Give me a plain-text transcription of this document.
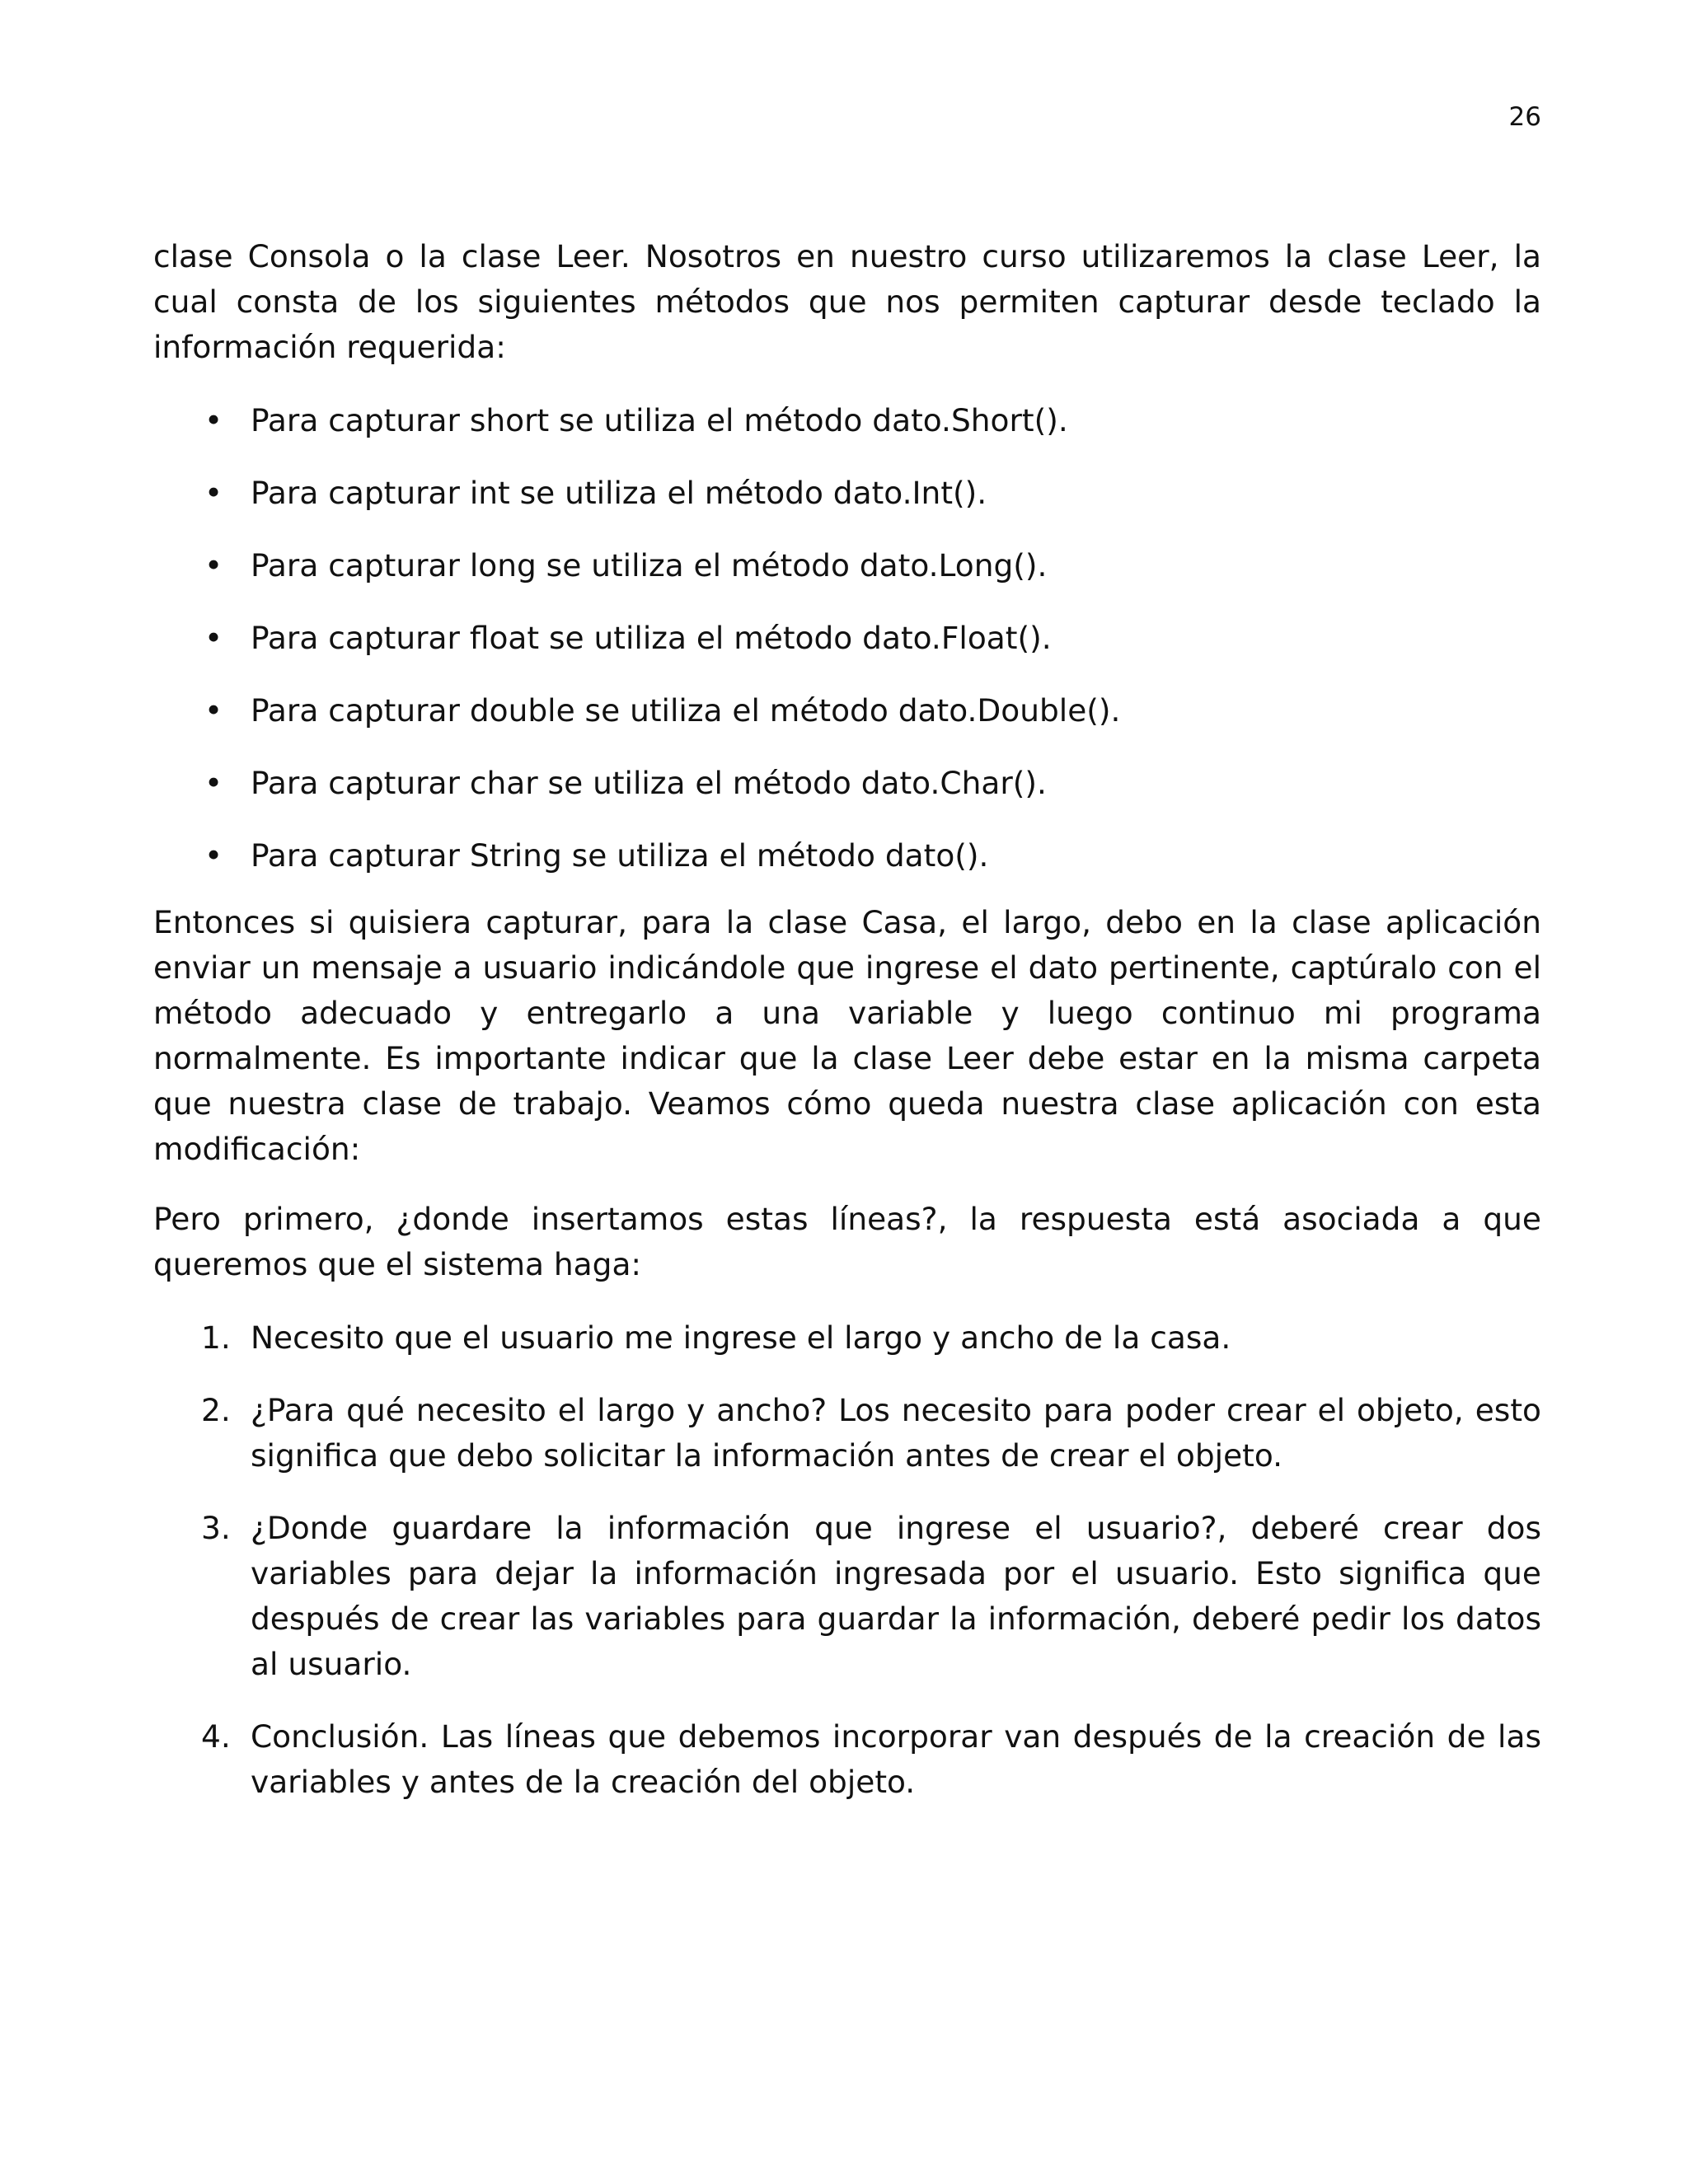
26

clase Consola o la clase Leer. Nosotros en nuestro curso utilizaremos la clase Leer, la cual consta de los siguientes métodos que nos permiten capturar desde teclado la información requerida:

• Para capturar short se utiliza el método dato.Short().
• Para capturar int se utiliza el método dato.Int().
• Para capturar long se utiliza el método dato.Long().
• Para capturar float se utiliza el método dato.Float().
• Para capturar double se utiliza el método dato.Double().
• Para capturar char se utiliza el método dato.Char().
• Para capturar String se utiliza el método dato().

Entonces si quisiera capturar, para la clase Casa, el largo, debo en la clase aplicación enviar un mensaje a usuario indicándole que ingrese el dato pertinente, captúralo con el método adecuado y entregarlo a una variable y luego continuo mi programa normalmente. Es importante indicar que la clase Leer debe estar en la misma carpeta que nuestra clase de trabajo. Veamos cómo queda nuestra clase aplicación con esta modificación:

Pero primero, ¿donde insertamos estas líneas?, la respuesta está asociada a que queremos que el sistema haga:

1. Necesito que el usuario me ingrese el largo y ancho de la casa.
2. ¿Para qué necesito el largo y ancho? Los necesito para poder crear el objeto, esto significa que debo solicitar la información antes de crear el objeto.
3. ¿Donde guardare la información que ingrese el usuario?, deberé crear dos variables para dejar la información ingresada por el usuario. Esto significa que después de crear las variables para guardar la información, deberé pedir los datos al usuario.
4. Conclusión. Las líneas que debemos incorporar van después de la creación de las variables y antes de la creación del objeto.
